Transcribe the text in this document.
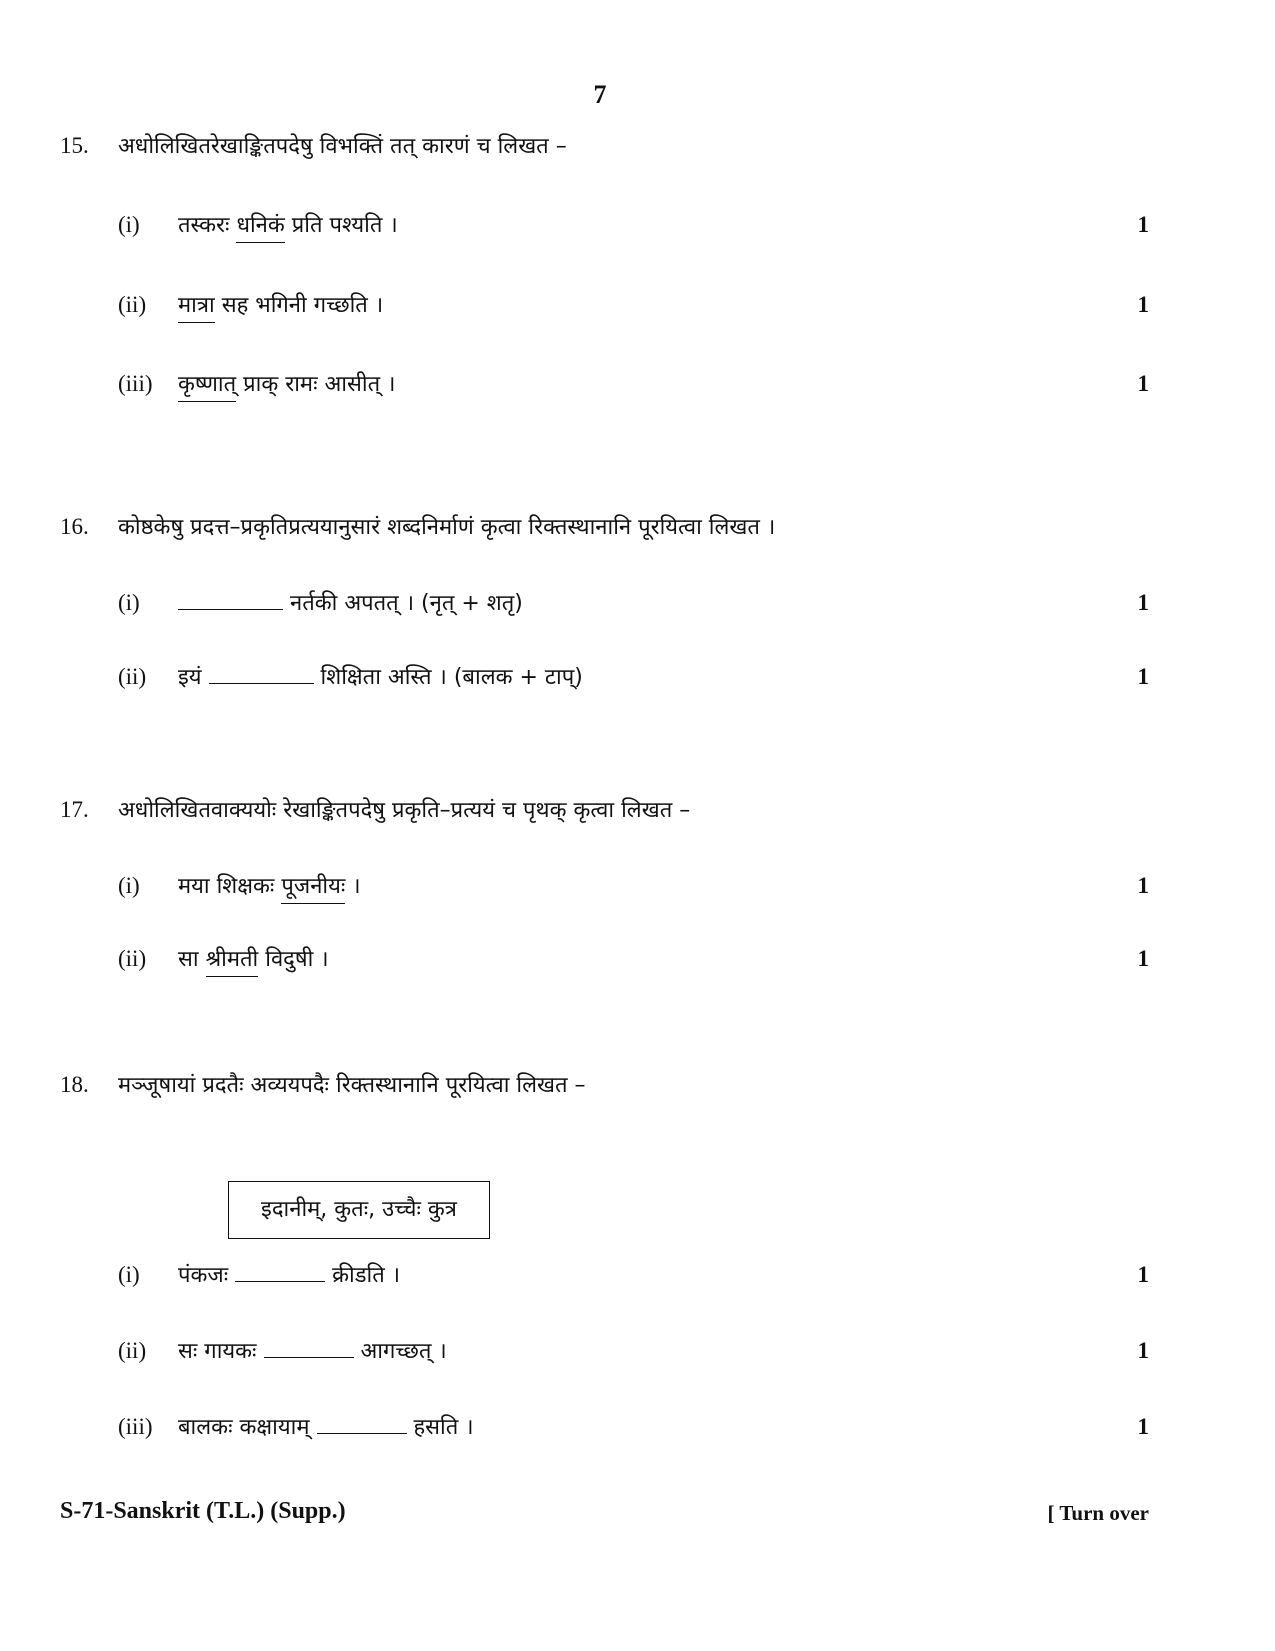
7
15. अधोलिखितरेखाङ्कितपदेषु विभक्तिं तत् कारणं च लिखत –
(i) तस्करः धनिकं प्रति पश्यति ।	1
(ii) मात्रा सह भगिनी गच्छति ।	1
(iii) कृष्णात् प्राक् रामः आसीत् ।	1
16. कोष्ठकेषु प्रदत्त–प्रकृतिप्रत्ययानुसारं शब्दनिर्माणं कृत्वा रिक्तस्थानानि पूरयित्वा लिखत ।
(i)	नर्तकी अपतत् । (नृत् + शतृ)	1
(ii) इयं	शिक्षिता अस्ति । (बालक + टाप्)	1
17. अधोलिखितवाक्ययोः रेखाङ्कितपदेषु प्रकृति–प्रत्ययं च पृथक् कृत्वा लिखत –
(i) मया शिक्षकः पूजनीयः ।	1
(ii) सा श्रीमती विदुषी ।	1
18. मञ्जूषायां प्रदतैः अव्ययपदैः रिक्तस्थानानि पूरयित्वा लिखत –
इदानीम्, कुतः, उच्चैः कुत्र
(i) पंकजः	क्रीडति ।	1
(ii) सः गायकः	आगच्छत् ।	1
(iii) बालकः कक्षायाम्	हसति ।	1
S-71-Sanskrit (T.L.) (Supp.)	[ Turn over
